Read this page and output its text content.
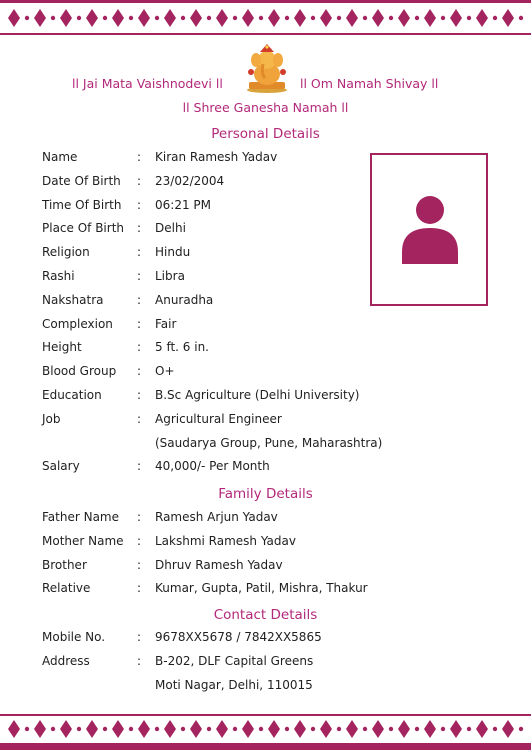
ll Jai Mata Vaishnodevi ll	ll Om Namah Shivay ll
ll Shree Ganesha Namah ll
Personal Details
Name	: Kiran Ramesh Yadav
Date Of Birth : 23/02/2004
Time Of Birth : 06:21 PM
Place Of Birth : Delhi
Religion	: Hindu
Rashi	: Libra
Nakshatra	: Anuradha
Complexion : Fair
Height	: 5 ft. 6 in.
Blood Group : O+
Education	: B.Sc Agriculture (Delhi University)
Job	: Agricultural Engineer
(Saudarya Group, Pune, Maharashtra)
Salary	: 40,000/- Per Month
Family Details
Father Name : Ramesh Arjun Yadav
Mother Name : Lakshmi Ramesh Yadav
Brother	: Dhruv Ramesh Yadav
Relative	: Kumar, Gupta, Patil, Mishra, Thakur
Contact Details
Mobile No.	: 9678XX5678 / 7842XX5865
Address	: B-202, DLF Capital Greens
Moti Nagar, Delhi, 110015
